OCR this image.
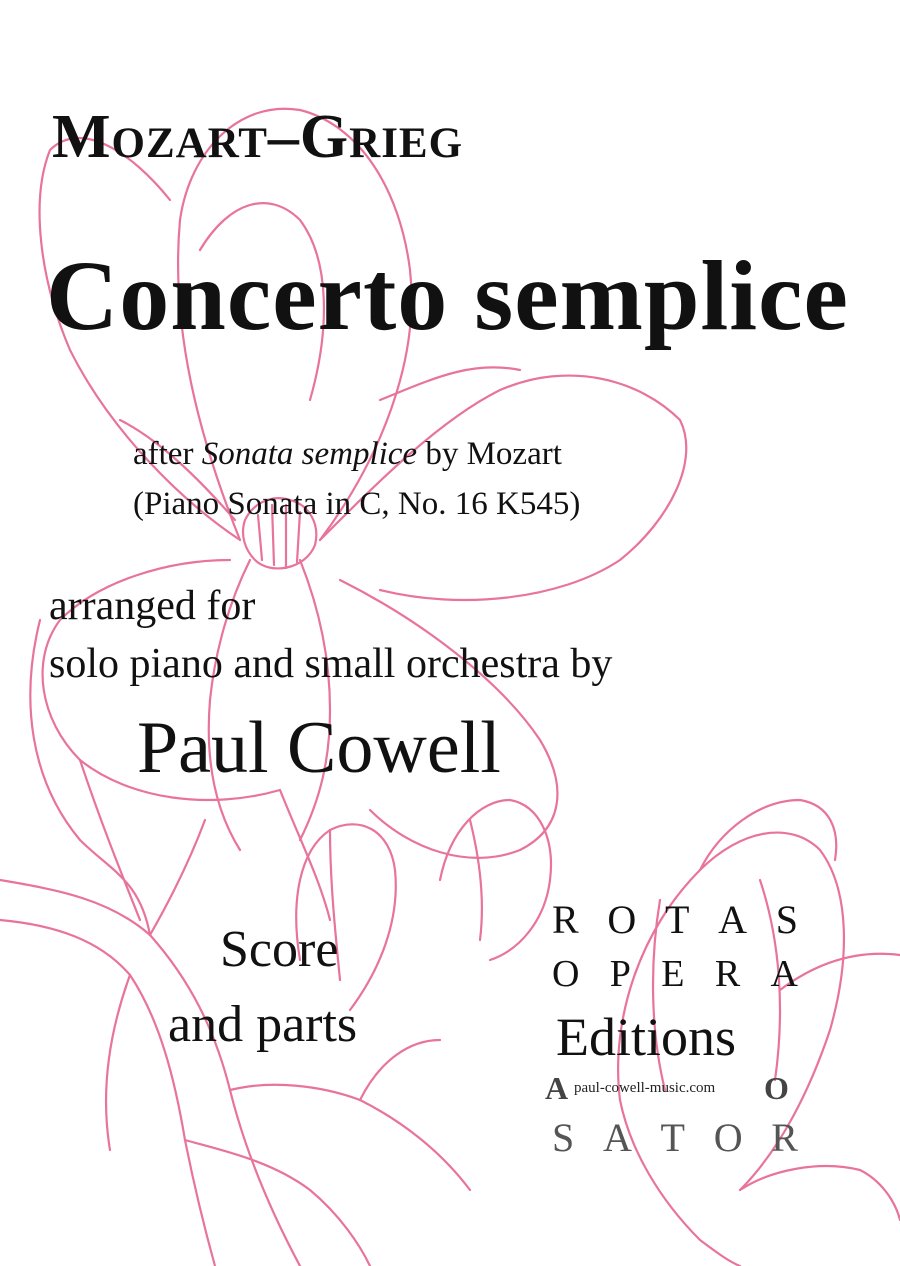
Mozart–Grieg
Concerto semplice
after Sonata semplice by Mozart
(Piano Sonata in C, No. 16 K545)
arranged for
solo piano and small orchestra by
Paul Cowell
Score
and parts
R O T A S
O P E R A
Editions
A paul-cowell-music.com O
S A T O R
